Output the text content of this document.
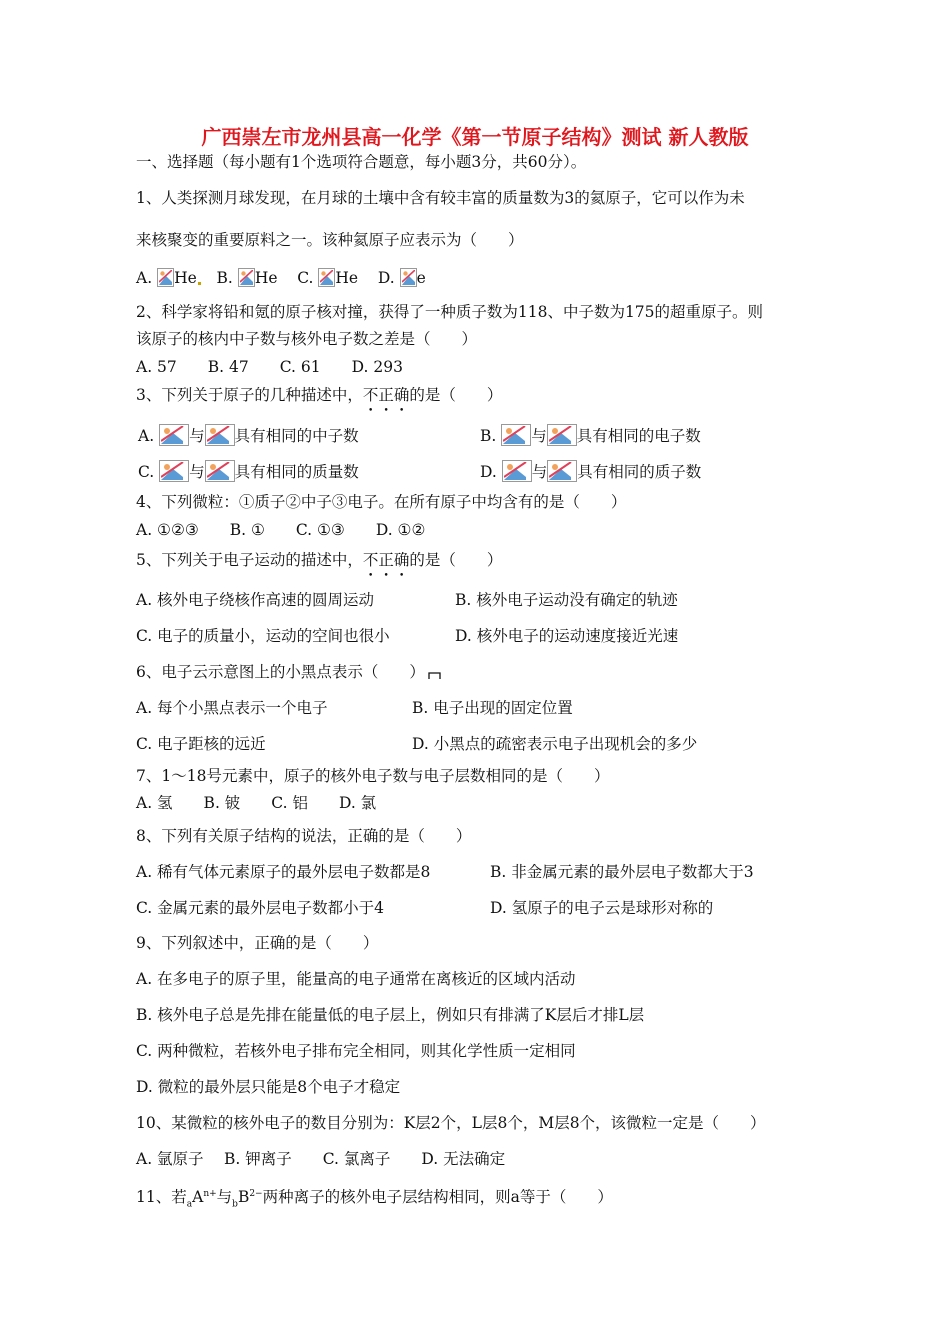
广西崇左市龙州县高一化学《第一节原子结构》测试 新人教版
一、选择题（每小题有1个选项符合题意，每小题3分，共60分）。
1、人类探测月球发现，在月球的土壤中含有较丰富的质量数为3的氦原子，它可以作为未
来核聚变的重要原料之一。该种氦原子应表示为（　　）
A. He B. He C. He D. e
2、科学家将铅和氪的原子核对撞，获得了一种质子数为118、中子数为175的超重原子。则
该原子的核内中子数与核外电子数之差是（　　）
A. 57　　B. 47　　C. 61　　D. 293
3、下列关于原子的几种描述中，不正确的是（　　）
A. 与 具有相同的中子数	B. 与 具有相同的电子数
C. 与 具有相同的质量数	D. 与 具有相同的质子数
4、下列微粒：①质子②中子③电子。在所有原子中均含有的是（　　）
A. ①②③　　B. ①　　C. ①③　　D. ①②
5、下列关于电子运动的描述中，不正确的是（　　）
A. 核外电子绕核作高速的圆周运动	B. 核外电子运动没有确定的轨迹
C. 电子的质量小，运动的空间也很小	D. 核外电子的运动速度接近光速
6、电子云示意图上的小黑点表示（　　）
A. 每个小黑点表示一个电子	B. 电子出现的固定位置
C. 电子距核的远近	D. 小黑点的疏密表示电子出现机会的多少
7、1～18号元素中，原子的核外电子数与电子层数相同的是（　　）
A. 氢　　B. 铍　　C. 铝　　D. 氯
8、下列有关原子结构的说法，正确的是（　　）
A. 稀有气体元素原子的最外层电子数都是8	B. 非金属元素的最外层电子数都大于3
C. 金属元素的最外层电子数都小于4	D. 氢原子的电子云是球形对称的
9、下列叙述中，正确的是（　　）
A. 在多电子的原子里，能量高的电子通常在离核近的区域内活动
B. 核外电子总是先排在能量低的电子层上，例如只有排满了K层后才排L层
C. 两种微粒，若核外电子排布完全相同，则其化学性质一定相同
D. 微粒的最外层只能是8个电子才稳定
10、某微粒的核外电子的数目分别为：K层2个，L层8个，M层8个，该微粒一定是（　　）
A. 氩原子　 B. 钾离子　　C. 氯离子　　D. 无法确定
11、若$_aA^{n+}$与$_bB^{2-}$两种离子的核外电子层结构相同，则a等于（　　）
